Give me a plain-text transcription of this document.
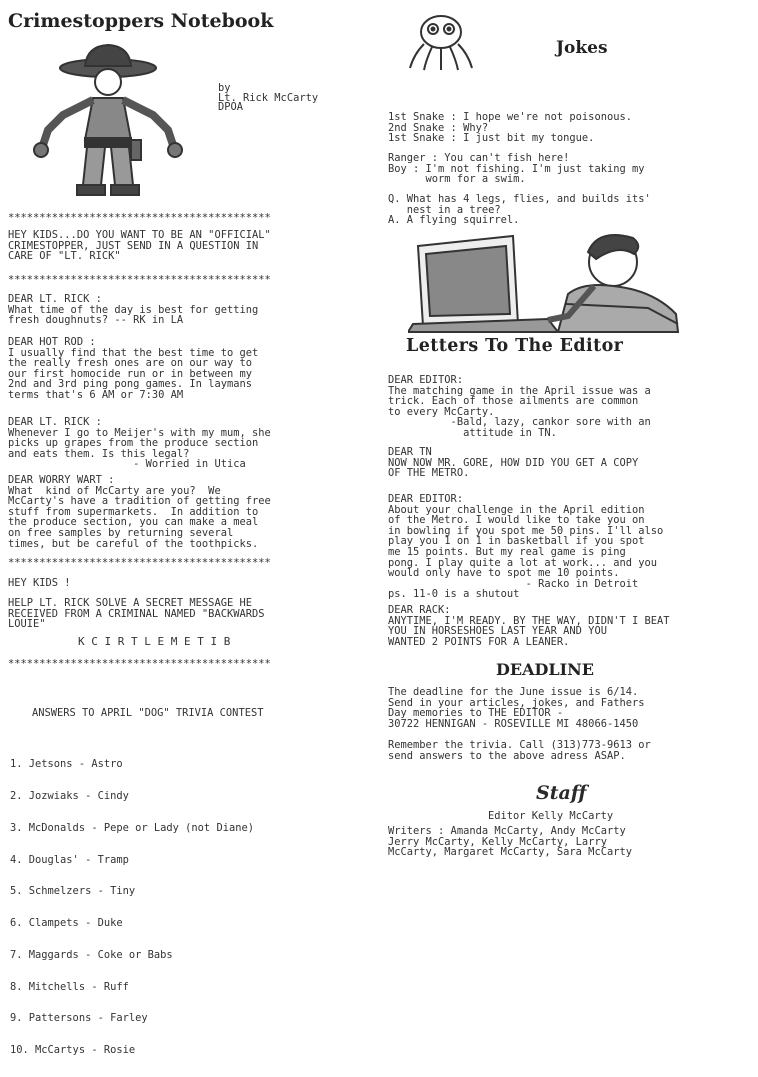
Crimestoppers Notebook
by
Lt. Rick McCarty
DPOA
******************************************
HEY KIDS...DO YOU WANT TO BE AN "OFFICIAL"
CRIMESTOPPER, JUST SEND IN A QUESTION IN
CARE OF "LT. RICK"
******************************************
DEAR LT. RICK :
What time of the day is best for getting
fresh doughnuts? -- RK in LA
DEAR HOT ROD :
I usually find that the best time to get
the really fresh ones are on our way to
our first homocide run or in between my
2nd and 3rd ping pong games. In laymans
terms that's 6 AM or 7:30 AM
DEAR LT. RICK :
Whenever I go to Meijer's with my mum, she
picks up grapes from the produce section
and eats them. Is this legal?
- Worried in Utica
DEAR WORRY WART :
What  kind of McCarty are you?  We
McCarty's have a tradition of getting free
stuff from supermarkets.  In addition to
the produce section, you can make a meal
on free samples by returning several
times, but be careful of the toothpicks.
******************************************
HEY KIDS !
HELP LT. RICK SOLVE A SECRET MESSAGE HE
RECEIVED FROM A CRIMINAL NAMED "BACKWARDS
LOUIE"
K C I R T L E M E T I B
******************************************
ANSWERS TO APRIL "DOG" TRIVIA CONTEST

1. Jetsons - Astro

2. Jozwiaks - Cindy

3. McDonalds - Pepe or Lady (not Diane)

4. Douglas' - Tramp

5. Schmelzers - Tiny

6. Clampets - Duke

7. Maggards - Coke or Babs

8. Mitchells - Ruff

9. Pattersons - Farley

10. McCartys - Rosie

Jokes
1st Snake : I hope we're not poisonous.
2nd Snake : Why?
1st Snake : I just bit my tongue.
Ranger : You can't fish here!
Boy : I'm not fishing. I'm just taking my
worm for a swim.
Q. What has 4 legs, flies, and builds its'
nest in a tree?
A. A flying squirrel.
Letters To The Editor
DEAR EDITOR:
The matching game in the April issue was a
trick. Each of those ailments are common
to every McCarty.
-Bald, lazy, cankor sore with an
attitude in TN.
DEAR TN
NOW NOW MR. GORE, HOW DID YOU GET A COPY
OF THE METRO.
DEAR EDITOR:
About your challenge in the April edition
of the Metro. I would like to take you on
in bowling if you spot me 50 pins. I'll also
play you 1 on 1 in basketball if you spot
me 15 points. But my real game is ping
pong. I play quite a lot at work... and you
would only have to spot me 10 points.
- Racko in Detroit
ps. 11-0 is a shutout
DEAR RACK:
ANYTIME, I'M READY. BY THE WAY, DIDN'T I BEAT
YOU IN HORSESHOES LAST YEAR AND YOU
WANTED 2 POINTS FOR A LEANER.
DEADLINE
The deadline for the June issue is 6/14.
Send in your articles, jokes, and Fathers
Day memories to THE EDITOR -
30722 HENNIGAN - ROSEVILLE MI 48066-1450
Remember the trivia. Call (313)773-9613 or
send answers to the above adress ASAP.
Staff
Editor Kelly McCarty
Writers : Amanda McCarty, Andy McCarty
Jerry McCarty, Kelly McCarty, Larry
McCarty, Margaret McCarty, Sara McCarty
